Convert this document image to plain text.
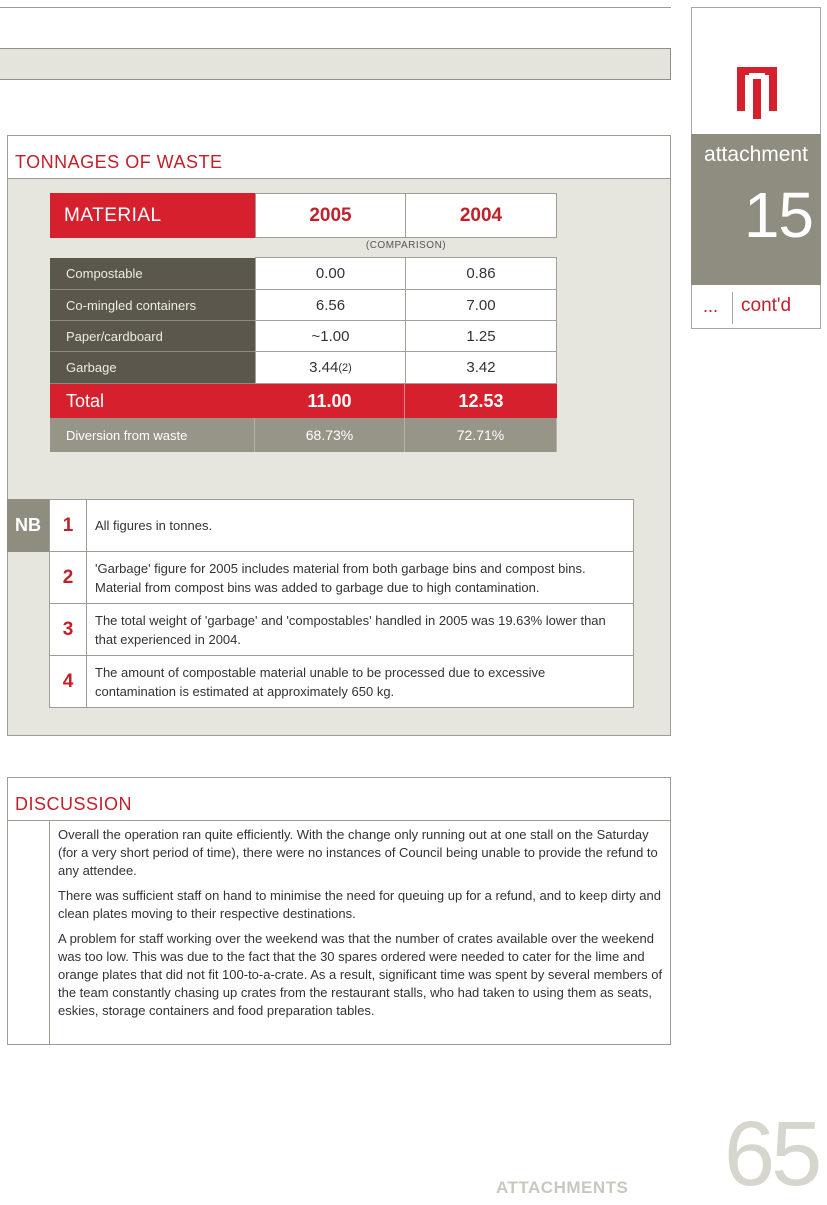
attachment
15
... cont'd
TONNAGES OF WASTE
MATERIAL	2005	2004
(COMPARISON)
Compostable	0.00	0.86
Co-mingled containers	6.56	7.00
Paper/cardboard	~1.00	1.25
Garbage	3.44 (2)	3.42
Total	11.00	12.53
Diversion from waste	68.73%	72.71%
NB	1	All figures in tonnes.
2	'Garbage' figure for 2005 includes material from both garbage bins and compost bins. Material from compost bins was added to garbage due to high contamination.
3	The total weight of 'garbage' and 'compostables' handled in 2005 was 19.63% lower than that experienced in 2004.
4	The amount of compostable material unable to be processed due to excessive contamination is estimated at approximately 650 kg.
DISCUSSION

Overall the operation ran quite efficiently. With the change only running out at one stall on the Saturday (for a very short period of time), there were no instances of Council being unable to provide the refund to any attendee.

There was sufficient staff on hand to minimise the need for queuing up for a refund, and to keep dirty and clean plates moving to their respective destinations.

A problem for staff working over the weekend was that the number of crates available over the weekend was too low. This was due to the fact that the 30 spares ordered were needed to cater for the lime and orange plates that did not fit 100-to-a-crate. As a result, significant time was spent by several members of the team constantly chasing up crates from the restaurant stalls, who had taken to using them as seats, eskies, storage containers and food preparation tables.

ATTACHMENTS 65
